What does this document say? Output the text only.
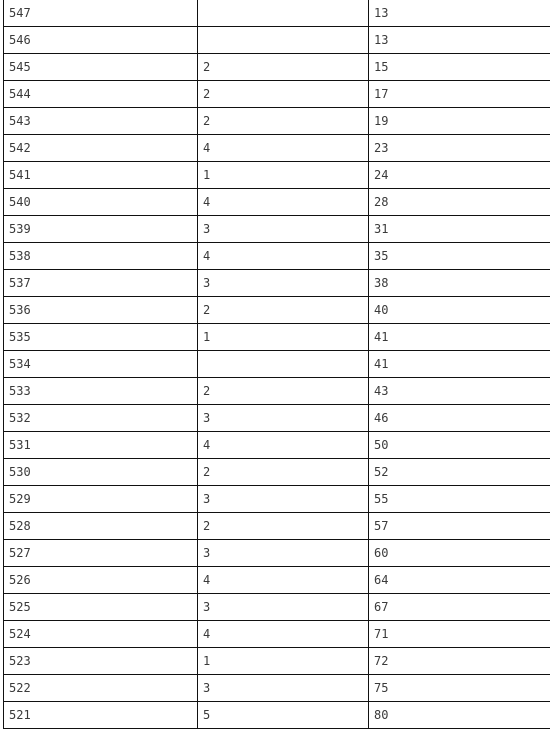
547		13
546		13
545	2	15
544	2	17
543	2	19
542	4	23
541	1	24
540	4	28
539	3	31
538	4	35
537	3	38
536	2	40
535	1	41
534		41
533	2	43
532	3	46
531	4	50
530	2	52
529	3	55
528	2	57
527	3	60
526	4	64
525	3	67
524	4	71
523	1	72
522	3	75
521	5	80
